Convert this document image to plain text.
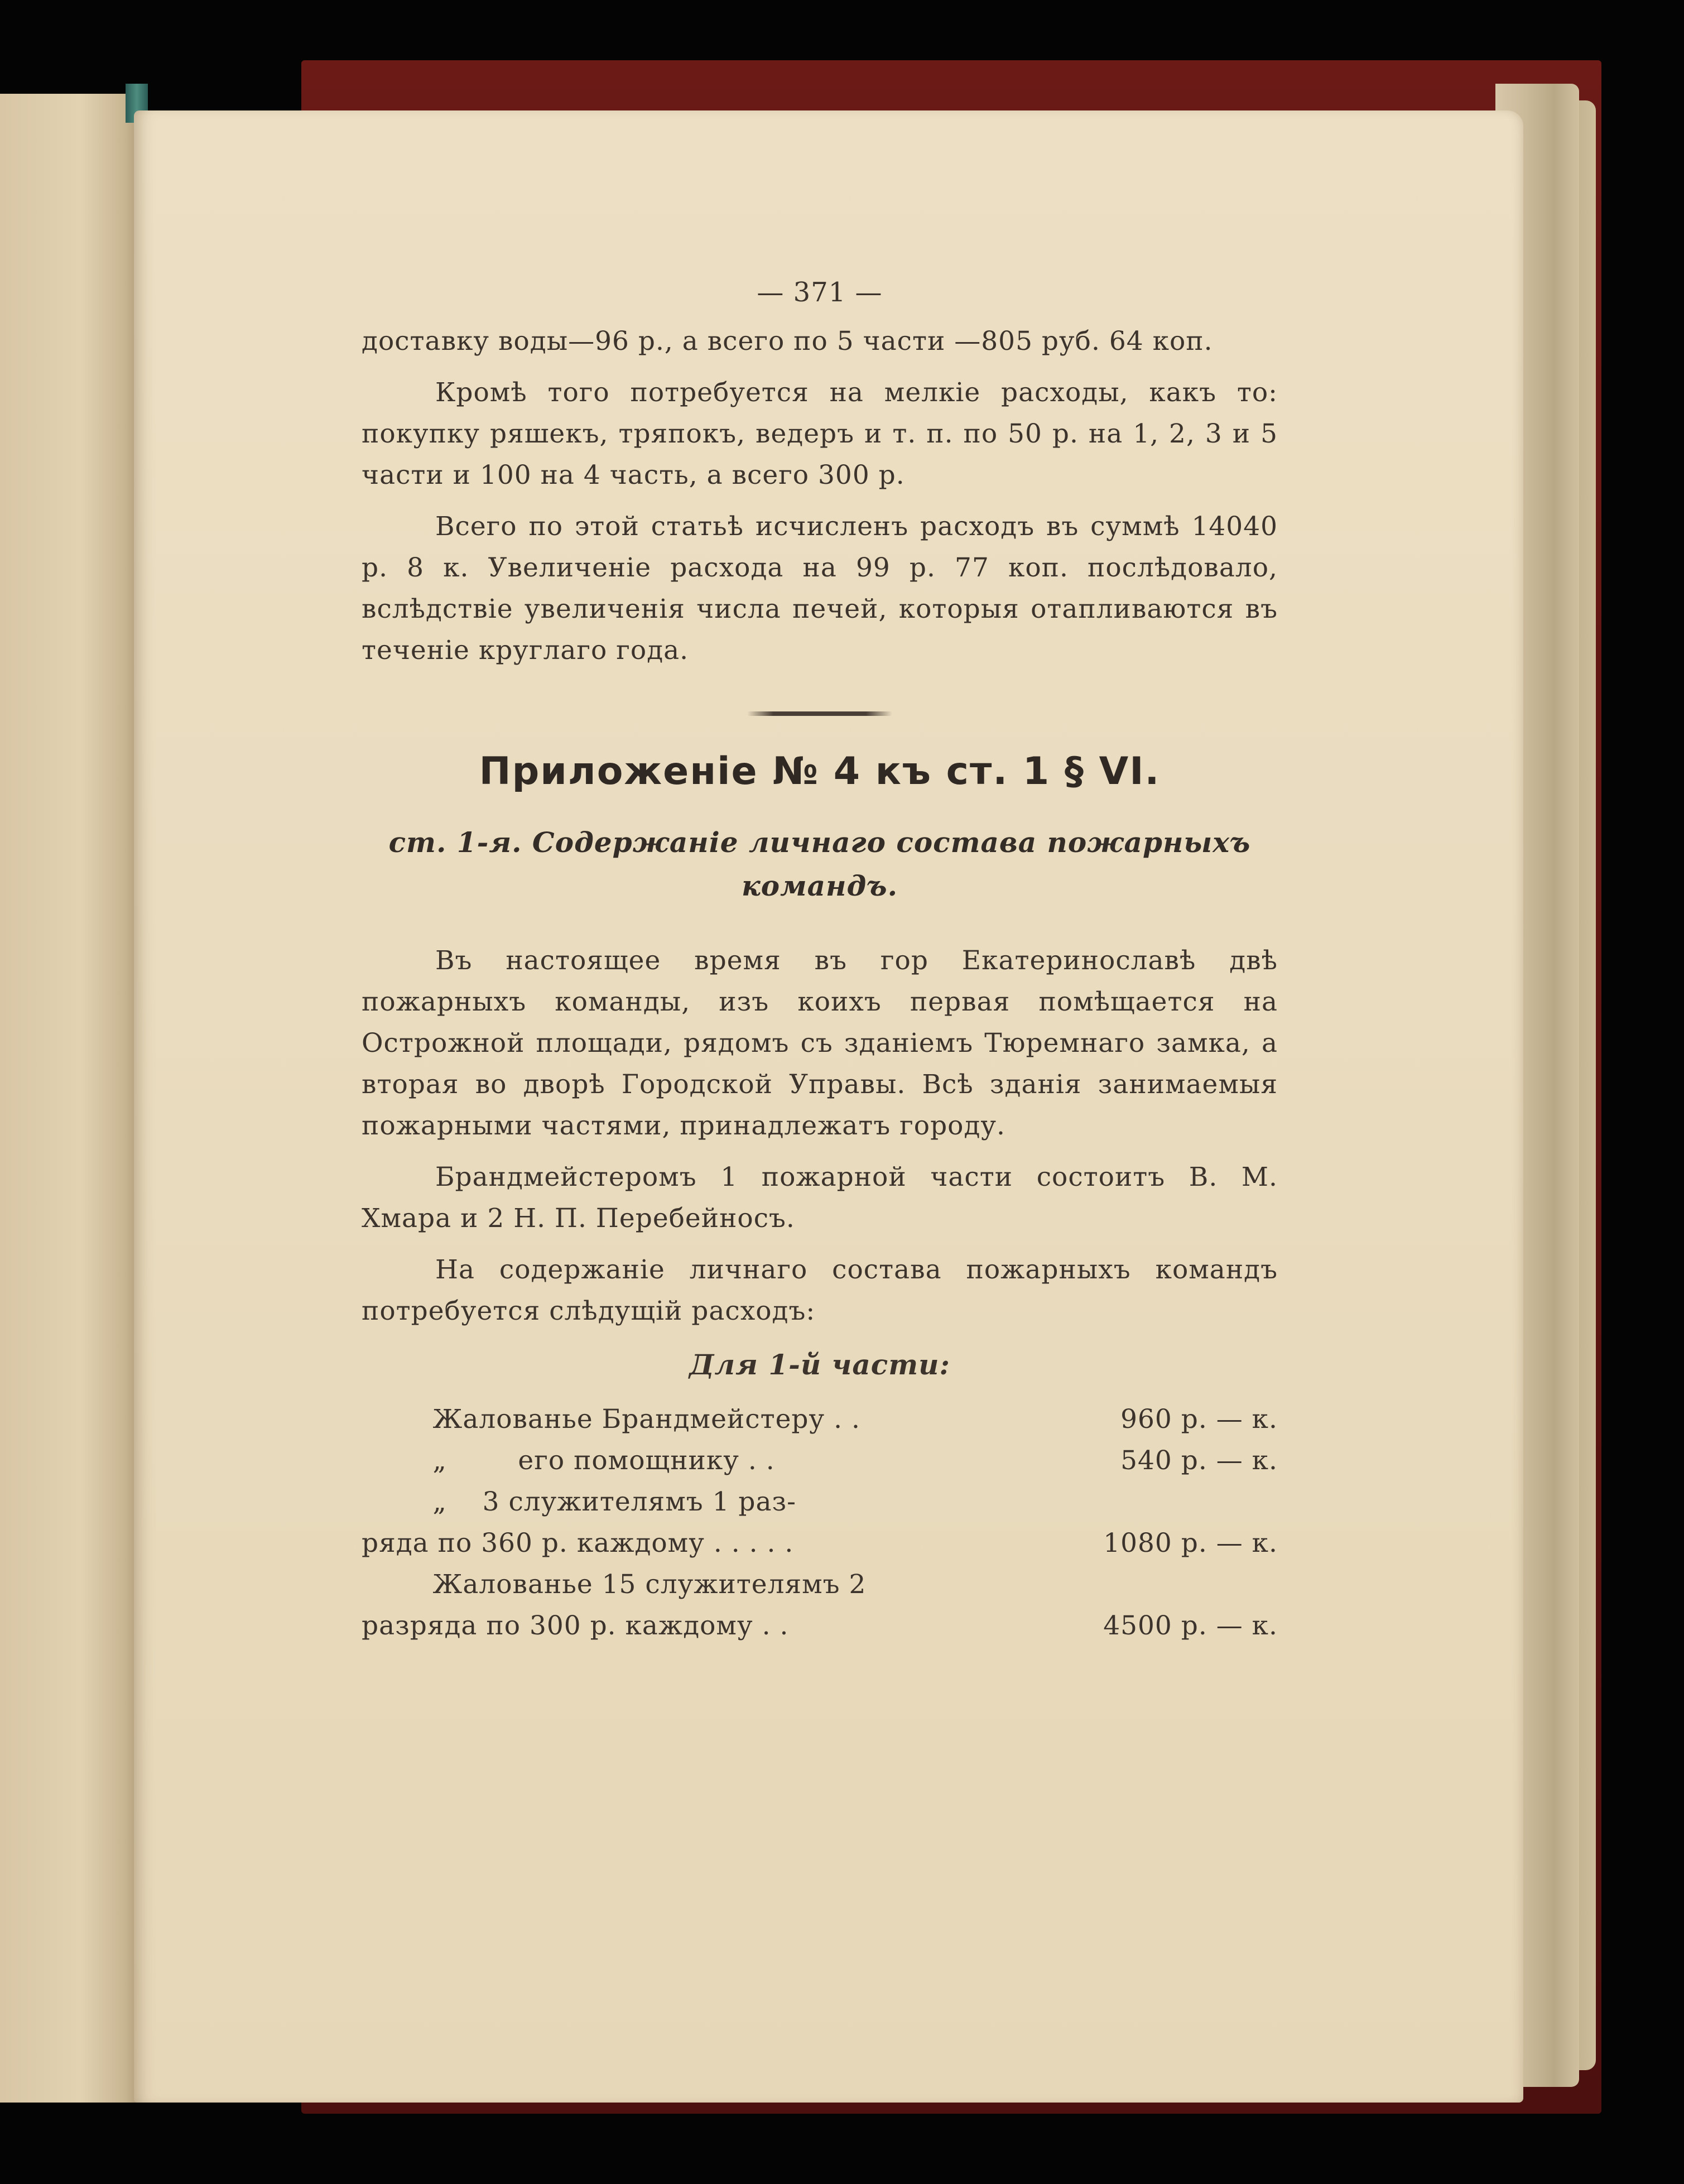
— 371 —

доставку воды—96 р., а всего по 5 части —805 руб. 64 коп.

Кромѣ того потребуется на мелкіе расходы, какъ то: покупку ряшекъ, тряпокъ, ведеръ и т. п. по 50 р. на 1, 2, 3 и 5 части и 100 на 4 часть, а всего 300 р.

Всего по этой статьѣ исчисленъ расходъ въ суммѣ 14040 р. 8 к. Увеличеніе расхода на 99 р. 77 коп. послѣдовало, вслѣдствіе увеличенія числа печей, которыя отапливаются въ теченіе круглаго года.

Приложеніе № 4 къ ст. 1 § VI.
ст. 1-я. Содержаніе личнаго состава пожарныхъ командъ.

Въ настоящее время въ гор Екатеринославѣ двѣ пожарныхъ команды, изъ коихъ первая помѣщается на Острожной площади, рядомъ съ зданіемъ Тюремнаго замка, а вторая во дворѣ Городской Управы. Всѣ зданія занимаемыя пожарными частями, принадлежатъ городу.

Брандмейстеромъ 1 пожарной части состоитъ В. М. Хмара и 2 Н. П. Перебейносъ.

На содержаніе личнаго состава пожарныхъ командъ потребуется слѣдущій расходъ:

Для 1-й части:
Жалованье Брандмейстеру . .	960 р. — к.
„        его помощнику . .	540 р. — к.
„    3 служителямъ 1 раз-
ряда по 360 р. каждому . . . . .	1080 р. — к.
Жалованье 15 служителямъ 2
разряда по 300 р. каждому . .	4500 р. — к.
